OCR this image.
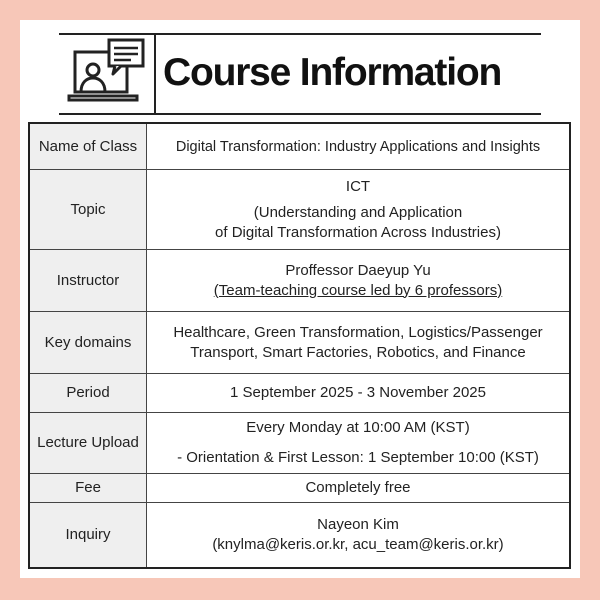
Course Information
Name of Class	Digital Transformation: Industry Applications and Insights
Topic	ICT
(Understanding and Application
of Digital Transformation Across Industries)

Instructor	Proffessor Daeyup Yu
(Team-teaching course led by 6 professors)

Key domains	Healthcare, Green Transformation, Logistics/Passenger
Transport, Smart Factories, Robotics, and Finance

Period	1 September 2025 - 3 November 2025
Lecture Upload	Every Monday at 10:00 AM (KST)
- Orientation & First Lesson: 1 September 10:00 (KST)

Fee	Completely free
Inquiry	Nayeon Kim
(knylma@keris.or.kr, acu_team@keris.or.kr)
